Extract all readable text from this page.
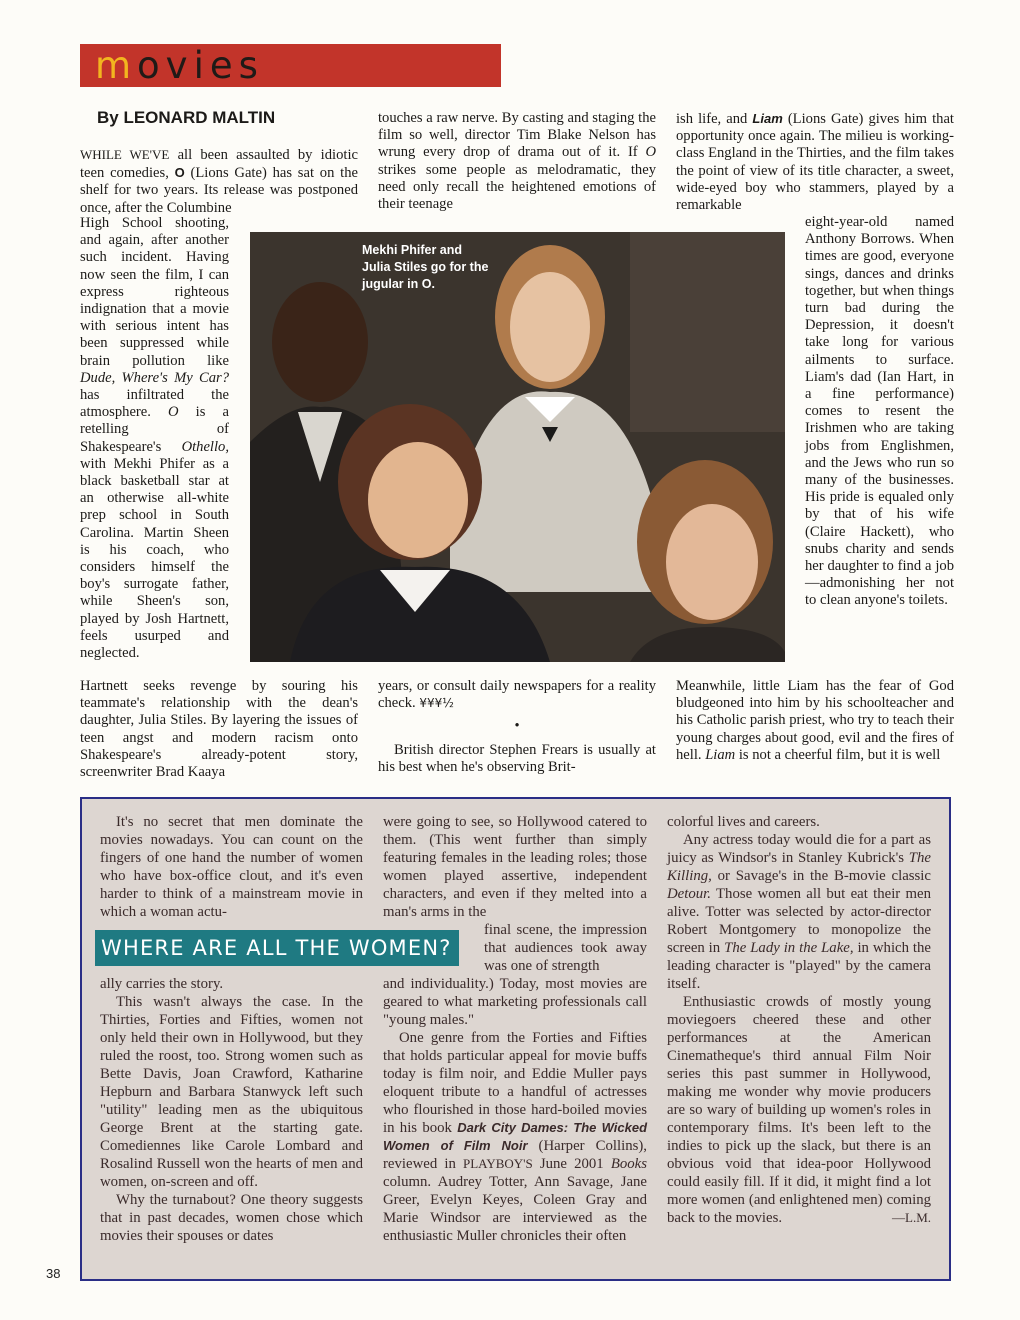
movies
By LEONARD MALTIN

WHILE WE'VE all been assaulted by idiotic teen comedies, O (Lions Gate) has sat on the shelf for two years. Its release was postponed once, after the Columbine

High School shooting, and again, after another such incident. Having now seen the film, I can express righteous indignation that a movie with serious intent has been suppressed while brain pollution like Dude, Where's My Car? has infiltrated the atmosphere. O is a retelling of Shakespeare's Othello, with Mekhi Phifer as a black basketball star at an otherwise all-white prep school in South Carolina. Martin Sheen is his coach, who considers himself the boy's surrogate father, while Sheen's son, played by Josh Hartnett, feels usurped and neglected.

Hartnett seeks revenge by souring his teammate's relationship with the dean's daughter, Julia Stiles. By layering the issues of teen angst and modern racism onto Shakespeare's already-potent story, screenwriter Brad Kaaya

touches a raw nerve. By casting and staging the film so well, director Tim Blake Nelson has wrung every drop of drama out of it. If O strikes some people as melodramatic, they need only recall the heightened emotions of their teenage

years, or consult daily newspapers for a reality check. ¥¥¥½

•

British director Stephen Frears is usually at his best when he's observing Brit-

ish life, and Liam (Lions Gate) gives him that opportunity once again. The milieu is working-class England in the Thirties, and the film takes the point of view of its title character, a sweet, wide-eyed boy who stammers, played by a remarkable

eight-year-old named Anthony Borrows. When times are good, everyone sings, dances and drinks together, but when things turn bad during the Depression, it doesn't take long for various ailments to surface. Liam's dad (Ian Hart, in a fine performance) comes to resent the Irishmen who are taking jobs from Englishmen, and the Jews who run so many of the businesses. His pride is equaled only by that of his wife (Claire Hackett), who snubs charity and sends her daughter to find a job—admonishing her not to clean anyone's toilets.

Meanwhile, little Liam has the fear of God bludgeoned into him by his schoolteacher and his Catholic parish priest, who try to teach their young charges about good, evil and the fires of hell. Liam is not a cheerful film, but it is well

Mekhi Phifer and Julia Stiles go for the jugular in O.

It's no secret that men dominate the movies nowadays. You can count on the fingers of one hand the number of women who have box-office clout, and it's even harder to think of a mainstream movie in which a woman actu-

WHERE ARE ALL THE WOMEN?

ally carries the story.

This wasn't always the case. In the Thirties, Forties and Fifties, women not only held their own in Hollywood, but they ruled the roost, too. Strong women such as Bette Davis, Joan Crawford, Katharine Hepburn and Barbara Stanwyck left such "utility" leading men as the ubiquitous George Brent at the starting gate. Comediennes like Carole Lombard and Rosalind Russell won the hearts of men and women, on-screen and off.

Why the turnabout? One theory suggests that in past decades, women chose which movies their spouses or dates

were going to see, so Hollywood catered to them. (This went further than simply featuring females in the leading roles; those women played assertive, independent characters, and even if they melted into a man's arms in the

final scene, the impression that audiences took away was one of strength

and individuality.) Today, most movies are geared to what marketing professionals call "young males."

One genre from the Forties and Fifties that holds particular appeal for movie buffs today is film noir, and Eddie Muller pays eloquent tribute to a handful of actresses who flourished in those hard-boiled movies in his book Dark City Dames: The Wicked Women of Film Noir (Harper Collins), reviewed in PLAYBOY'S June 2001 Books column. Audrey Totter, Ann Savage, Jane Greer, Evelyn Keyes, Coleen Gray and Marie Windsor are interviewed as the enthusiastic Muller chronicles their often

colorful lives and careers.

Any actress today would die for a part as juicy as Windsor's in Stanley Kubrick's The Killing, or Savage's in the B-movie classic Detour. Those women all but eat their men alive. Totter was selected by actor-director Robert Montgomery to monopolize the screen in The Lady in the Lake, in which the leading character is "played" by the camera itself.

Enthusiastic crowds of mostly young moviegoers cheered these and other performances at the American Cinematheque's third annual Film Noir series this past summer in Hollywood, making me wonder why movie producers are so wary of building up women's roles in contemporary films. It's been left to the indies to pick up the slack, but there is an obvious void that idea-poor Hollywood could easily fill. If it did, it might find a lot more women (and enlightened men) coming back to the movies.	—L.M.

38
